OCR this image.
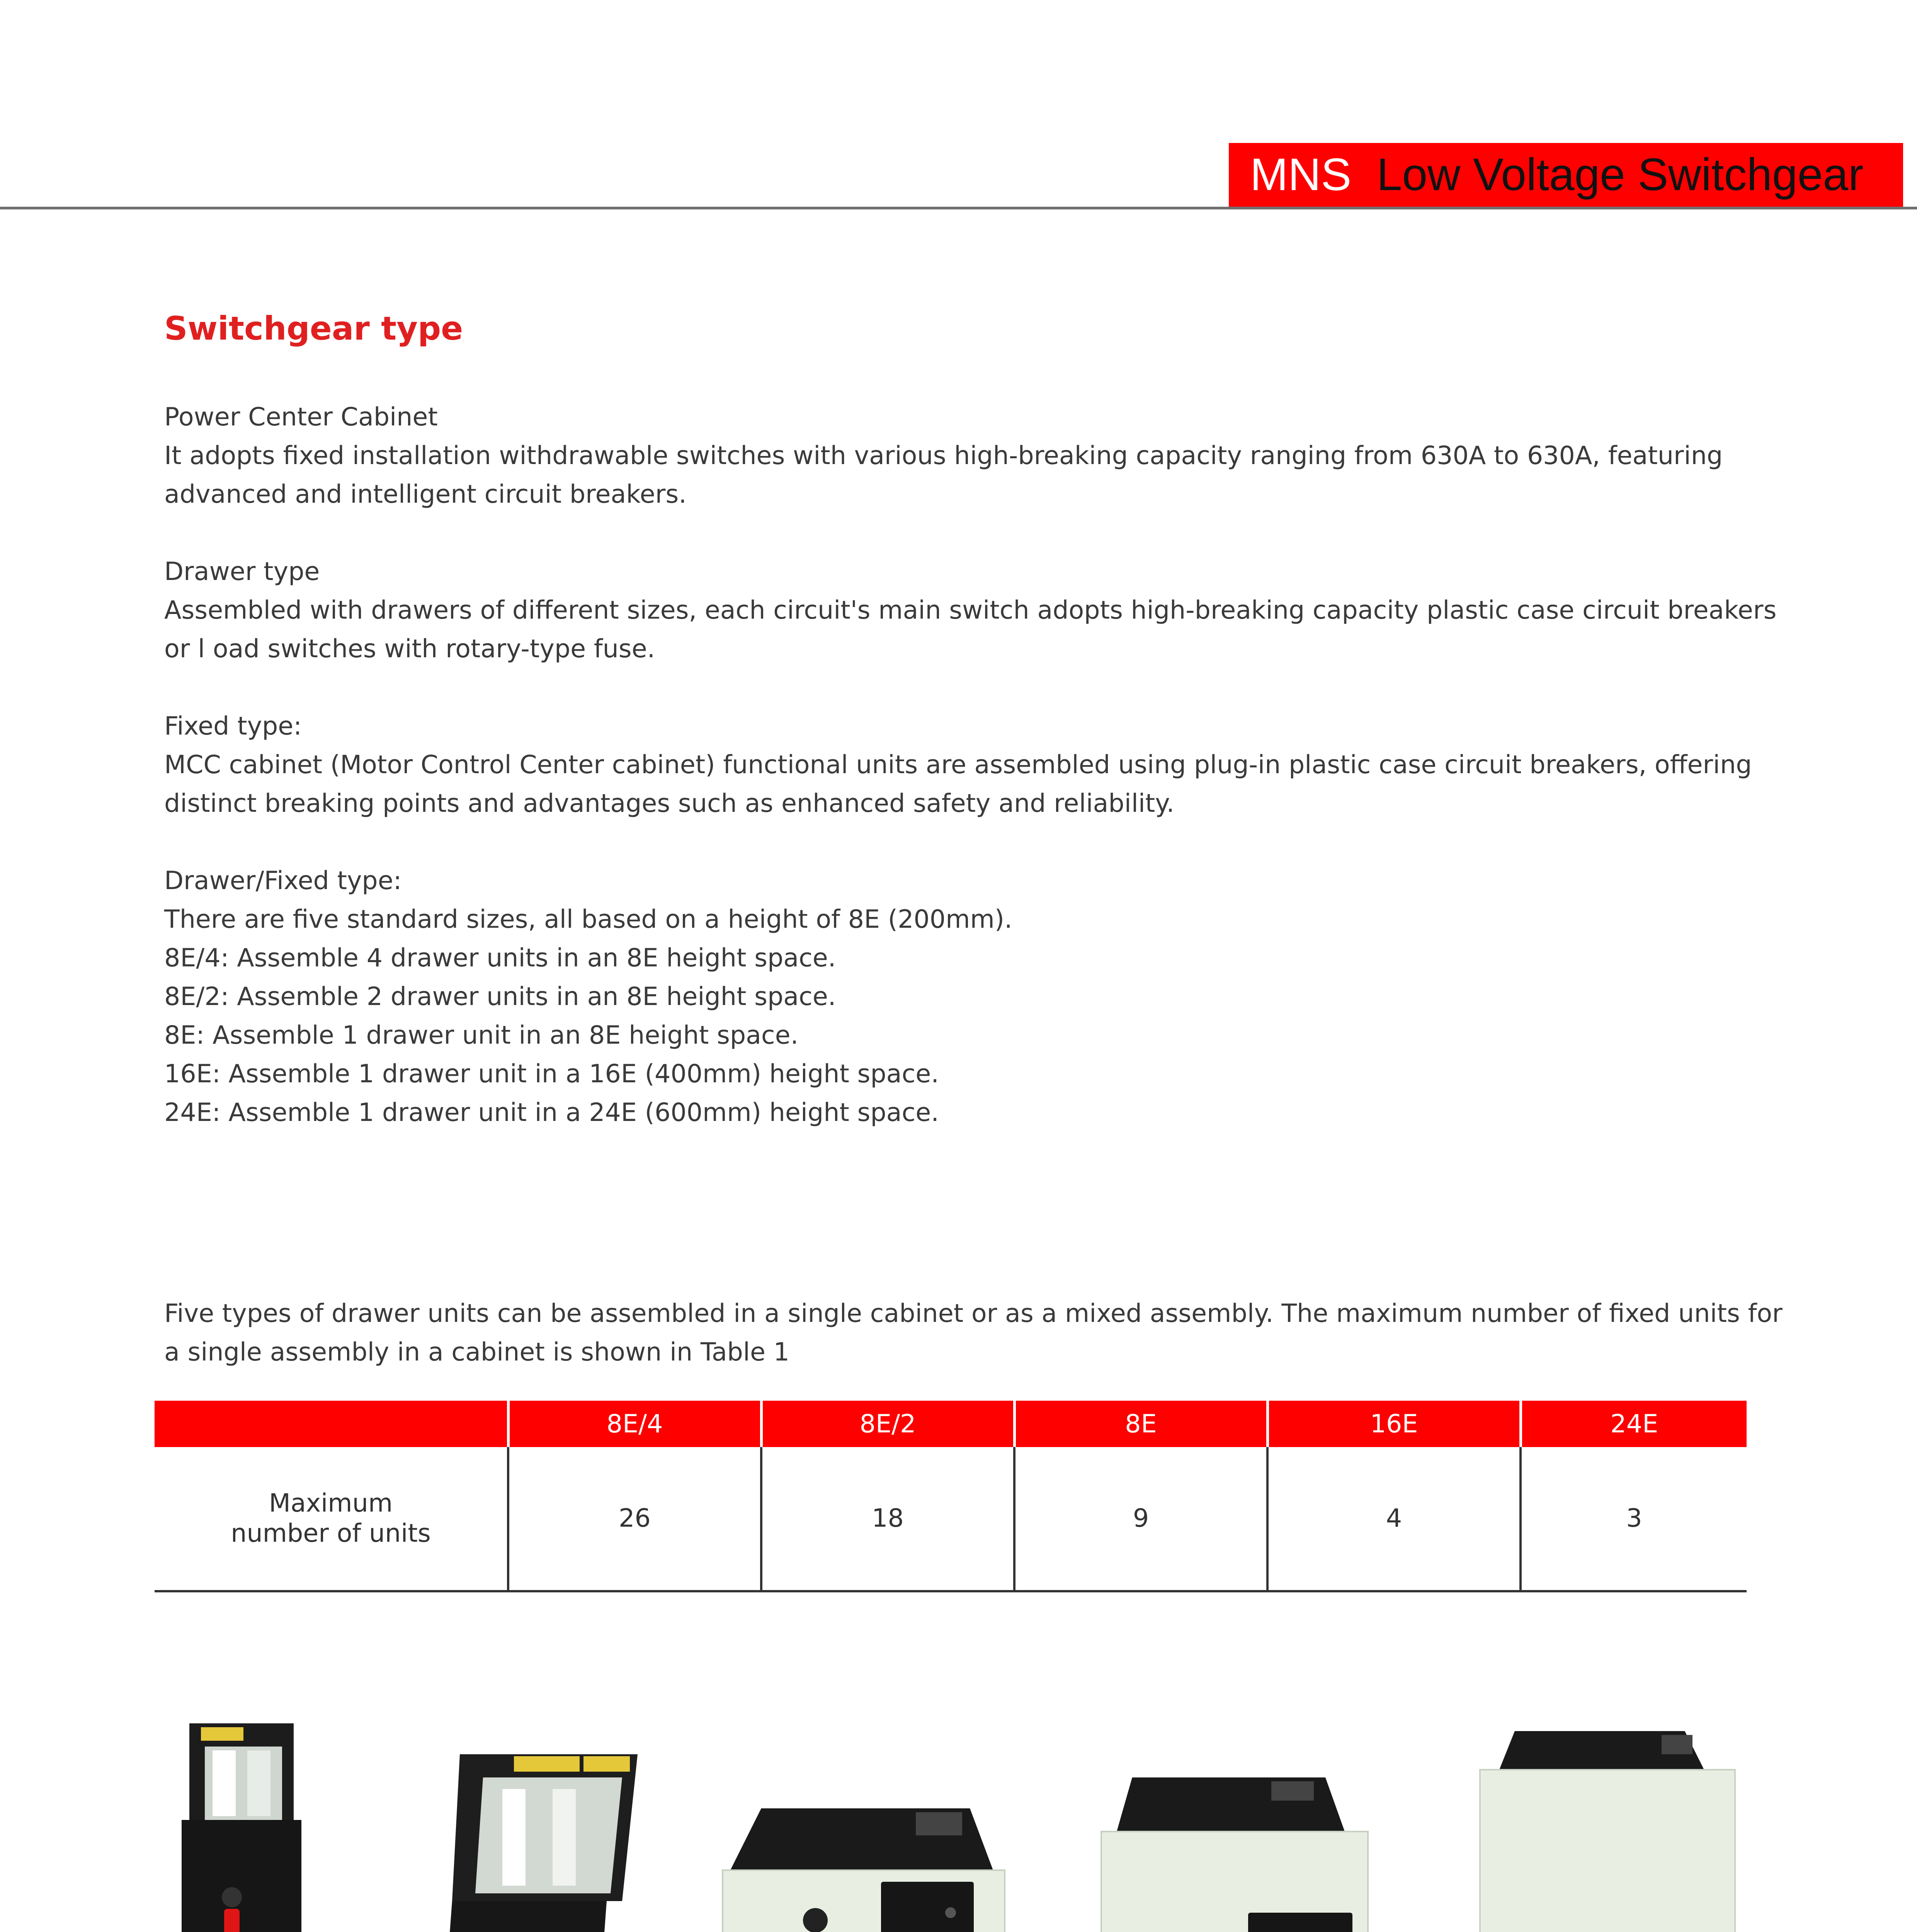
MNS Low Voltage Switchgear
Switchgear type
Power Center Cabinet
It adopts fixed installation withdrawable switches with various high-breaking capacity ranging from 630A to 630A, featuring
advanced and intelligent circuit breakers.
Drawer type
Assembled with drawers of different sizes, each circuit's main switch adopts high-breaking capacity plastic case circuit breakers
or l oad switches with rotary-type fuse.
Fixed type:
MCC cabinet (Motor Control Center cabinet) functional units are assembled using plug-in plastic case circuit breakers, offering
distinct breaking points and advantages such as enhanced safety and reliability.
Drawer/Fixed type:
There are five standard sizes, all based on a height of 8E (200mm).
8E/4: Assemble 4 drawer units in an 8E height space.
8E/2: Assemble 2 drawer units in an 8E height space.
8E: Assemble 1 drawer unit in an 8E height space.
16E: Assemble 1 drawer unit in a 16E (400mm) height space.
24E: Assemble 1 drawer unit in a 24E (600mm) height space.
Five types of drawer units can be assembled in a single cabinet or as a mixed assembly. The maximum number of fixed units for
a single assembly in a cabinet is shown in Table 1
	8E/4	8E/2	8E	16E	24E
Maximum
number of units	26	18	9	4	3
